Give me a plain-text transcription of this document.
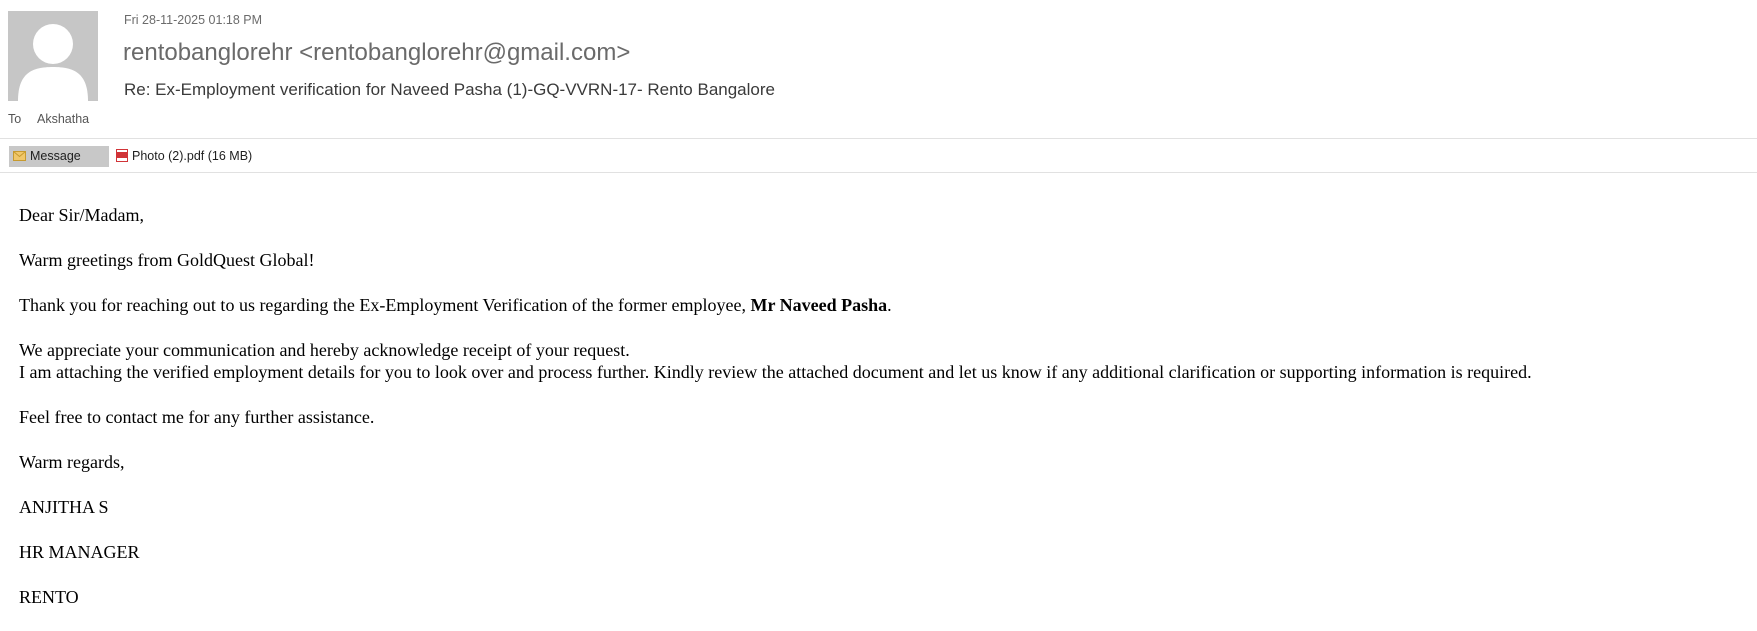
Fri 28-11-2025 01:18 PM
rentobanglorehr <rentobanglorehr@gmail.com>
Re: Ex-Employment verification for Naveed Pasha (1)-GQ-VVRN-17- Rento Bangalore
To Akshatha
Message	Photo (2).pdf (16 MB)

Dear Sir/Madam,

Warm greetings from GoldQuest Global!

Thank you for reaching out to us regarding the Ex-Employment Verification of the former employee, Mr Naveed Pasha.

We appreciate your communication and hereby acknowledge receipt of your request.

I am attaching the verified employment details for you to look over and process further. Kindly review the attached document and let us know if any additional clarification or supporting information is required.

Feel free to contact me for any further assistance.

Warm regards,

ANJITHA S

HR MANAGER

RENTO
